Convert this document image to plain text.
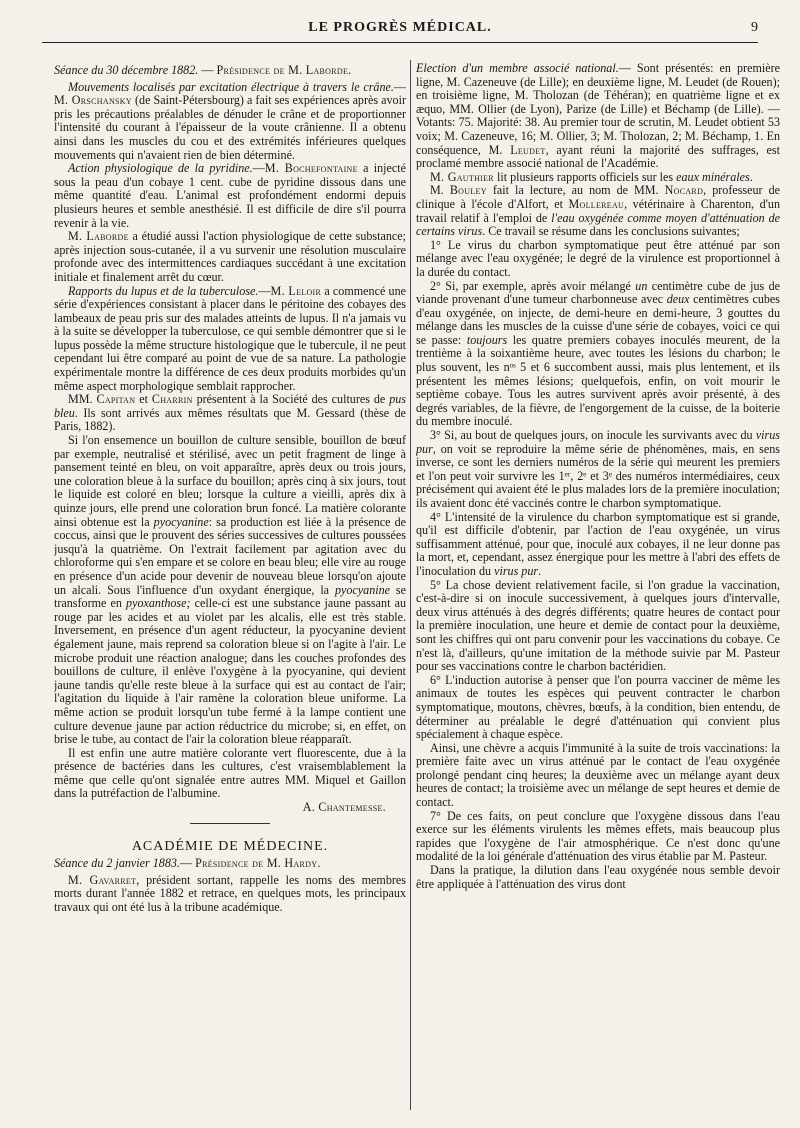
LE PROGRÈS MÉDICAL.	9

Séance du 30 décembre 1882. — Présidence de M. Laborde.

Mouvements localisés par excitation électrique à travers le crâne.—M. Orschansky (de Saint-Pétersbourg) a fait ses expériences après avoir pris les précautions préalables de dénuder le crâne et de proportionner l'intensité du courant à l'épaisseur de la voute crânienne. Il a obtenu ainsi dans les muscles du cou et des extrémités inférieures quelques mouvements qui n'avaient rien de bien déterminé.

Action physiologique de la pyridine.—M. Bochefontaine a injecté sous la peau d'un cobaye 1 cent. cube de pyridine dissous dans une même quantité d'eau. L'animal est profondément endormi depuis plusieurs heures et semble anesthésié. Il est difficile de dire s'il pourra revenir à la vie.

M. Laborde a étudié aussi l'action physiologique de cette substance; après injection sous-cutanée, il a vu survenir une résolution musculaire profonde avec des intermittences cardiaques succédant à une excitation initiale et finalement arrêt du cœur.

Rapports du lupus et de la tuberculose.—M. Leloir a commencé une série d'expériences consistant à placer dans le péritoine des cobayes des lambeaux de peau pris sur des malades atteints de lupus. Il n'a jamais vu à la suite se développer la tuberculose, ce qui semble démontrer que si le lupus possède la même structure histologique que le tubercule, il ne peut cependant lui être comparé au point de vue de sa nature. La pathologie expérimentale montre la différence de ces deux produits morbides qu'un même aspect morphologique semblait rapprocher.

MM. Capitan et Charrin présentent à la Société des cultures de pus bleu. Ils sont arrivés aux mêmes résultats que M. Gessard (thèse de Paris, 1882).

Si l'on ensemence un bouillon de culture sensible, bouillon de bœuf par exemple, neutralisé et stérilisé, avec un petit fragment de linge à pansement teinté en bleu, on voit apparaître, après deux ou trois jours, une coloration bleue à la surface du bouillon; après cinq à six jours, tout le liquide est coloré en bleu; lorsque la culture a vieilli, après dix à quinze jours, elle prend une coloration brun foncé. La matière colorante ainsi obtenue est la pyocyanine: sa production est liée à la présence de coccus, ainsi que le prouvent des séries successives de cultures poussées jusqu'à la quatrième. On l'extrait facilement par agitation avec du chloroforme qui s'en empare et se colore en beau bleu; elle vire au rouge en présence d'un acide pour devenir de nouveau bleue lorsqu'on ajoute un alcali. Sous l'influence d'un oxydant énergique, la pyocyanine se transforme en pyoxanthose; celle-ci est une substance jaune passant au rouge par les acides et au violet par les alcalis, elle est très stable. Inversement, en présence d'un agent réducteur, la pyocyanine devient également jaune, mais reprend sa coloration bleue si on l'agite à l'air. Le microbe produit une réaction analogue; dans les couches profondes des bouillons de culture, il enlève l'oxygène à la pyocyanine, qui devient jaune tandis qu'elle reste bleue à la surface qui est au contact de l'air; l'agitation du liquide à l'air ramène la coloration bleue uniforme. La même action se produit lorsqu'un tube fermé à la lampe contient une culture devenue jaune par action réductrice du microbe; si, en effet, on brise le tube, au contact de l'air la coloration bleue réapparaît.

Il est enfin une autre matière colorante vert fluorescente, due à la présence de bactéries dans les cultures, c'est vraisemblablement la même que celle qu'ont signalée entre autres MM. Miquel et Gaillon dans la putréfaction de l'albumine.

A. Chantemesse.

ACADÉMIE DE MÉDECINE.

Séance du 2 janvier 1883.— Présidence de M. Hardy.

M. Gavarret, président sortant, rappelle les noms des membres morts durant l'année 1882 et retrace, en quelques mots, les principaux travaux qui ont été lus à la tribune académique.

Election d'un membre associé national.— Sont présentés: en première ligne, M. Cazeneuve (de Lille); en deuxième ligne, M. Leudet (de Rouen); en troisième ligne, M. Tholozan (de Téhéran); en quatrième ligne et ex æquo, MM. Ollier (de Lyon), Parize (de Lille) et Béchamp (de Lille). — Votants: 75. Majorité: 38. Au premier tour de scrutin, M. Leudet obtient 53 voix; M. Cazeneuve, 16; M. Ollier, 3; M. Tholozan, 2; M. Béchamp, 1. En conséquence, M. Leudet, ayant réuni la majorité des suffrages, est proclamé membre associé national de l'Académie.

M. Gauthier lit plusieurs rapports officiels sur les eaux minérales.

M. Bouley fait la lecture, au nom de MM. Nocard, professeur de clinique à l'école d'Alfort, et Mollereau, vétérinaire à Charenton, d'un travail relatif à l'emploi de l'eau oxygénée comme moyen d'atténuation de certains virus. Ce travail se résume dans les conclusions suivantes;

1° Le virus du charbon symptomatique peut être atténué par son mélange avec l'eau oxygénée; le degré de la virulence est proportionnel à la durée du contact.

2° Si, par exemple, après avoir mélangé un centimètre cube de jus de viande provenant d'une tumeur charbonneuse avec deux centimètres cubes d'eau oxygénée, on injecte, de demi-heure en demi-heure, 3 gouttes du mélange dans les muscles de la cuisse d'une série de cobayes, voici ce qui se passe: toujours les quatre premiers cobayes inoculés meurent, de la trentième à la soixantième heure, avec toutes les lésions du charbon; le plus souvent, les nᵒˢ 5 et 6 succombent aussi, mais plus lentement, et ils présentent les mêmes lésions; quelquefois, enfin, on voit mourir le septième cobaye. Tous les autres survivent après avoir présenté, à des degrés variables, de la fièvre, de l'engorgement de la cuisse, de la boiterie du membre inoculé.

3° Si, au bout de quelques jours, on inocule les survivants avec du virus pur, on voit se reproduire la même série de phénomènes, mais, en sens inverse, ce sont les derniers numéros de la série qui meurent les premiers et l'on peut voir survivre les 1ᵉʳ, 2ᵉ et 3ᵉ des numéros intermédiaires, ceux précisément qui avaient été le plus malades lors de la première inoculation; ils avaient donc été vaccinés contre le charbon symptomatique.

4° L'intensité de la virulence du charbon symptomatique est si grande, qu'il est difficile d'obtenir, par l'action de l'eau oxygénée, un virus suffisamment atténué, pour que, inoculé aux cobayes, il ne leur donne pas la mort, et, cependant, assez énergique pour les mettre à l'abri des effets de l'inoculation du virus pur.

5° La chose devient relativement facile, si l'on gradue la vaccination, c'est-à-dire si on inocule successivement, à quelques jours d'intervalle, deux virus atténués à des degrés différents; quatre heures de contact pour la première inoculation, une heure et demie de contact pour la deuxième, sont les chiffres qui ont paru convenir pour les vaccinations du cobaye. Ce n'est là, d'ailleurs, qu'une imitation de la méthode suivie par M. Pasteur pour ses vaccinations contre le charbon bactéridien.

6° L'induction autorise à penser que l'on pourra vacciner de même les animaux de toutes les espèces qui peuvent contracter le charbon symptomatique, moutons, chèvres, bœufs, à la condition, bien entendu, de déterminer au préalable le degré d'atténuation qui convient plus spécialement à chaque espèce.

Ainsi, une chèvre a acquis l'immunité à la suite de trois vaccinations: la première faite avec un virus atténué par le contact de l'eau oxygénée prolongé pendant cinq heures; la deuxième avec un mélange ayant deux heures de contact; la troisième avec un mélange de sept heures et demie de contact.

7° De ces faits, on peut conclure que l'oxygène dissous dans l'eau exerce sur les éléments virulents les mêmes effets, mais beaucoup plus rapides que l'oxygène de l'air atmosphérique. Ce n'est donc qu'une modalité de la loi générale d'atténuation des virus établie par M. Pasteur.

Dans la pratique, la dilution dans l'eau oxygénée nous semble devoir être appliquée à l'atténuation des virus dont
